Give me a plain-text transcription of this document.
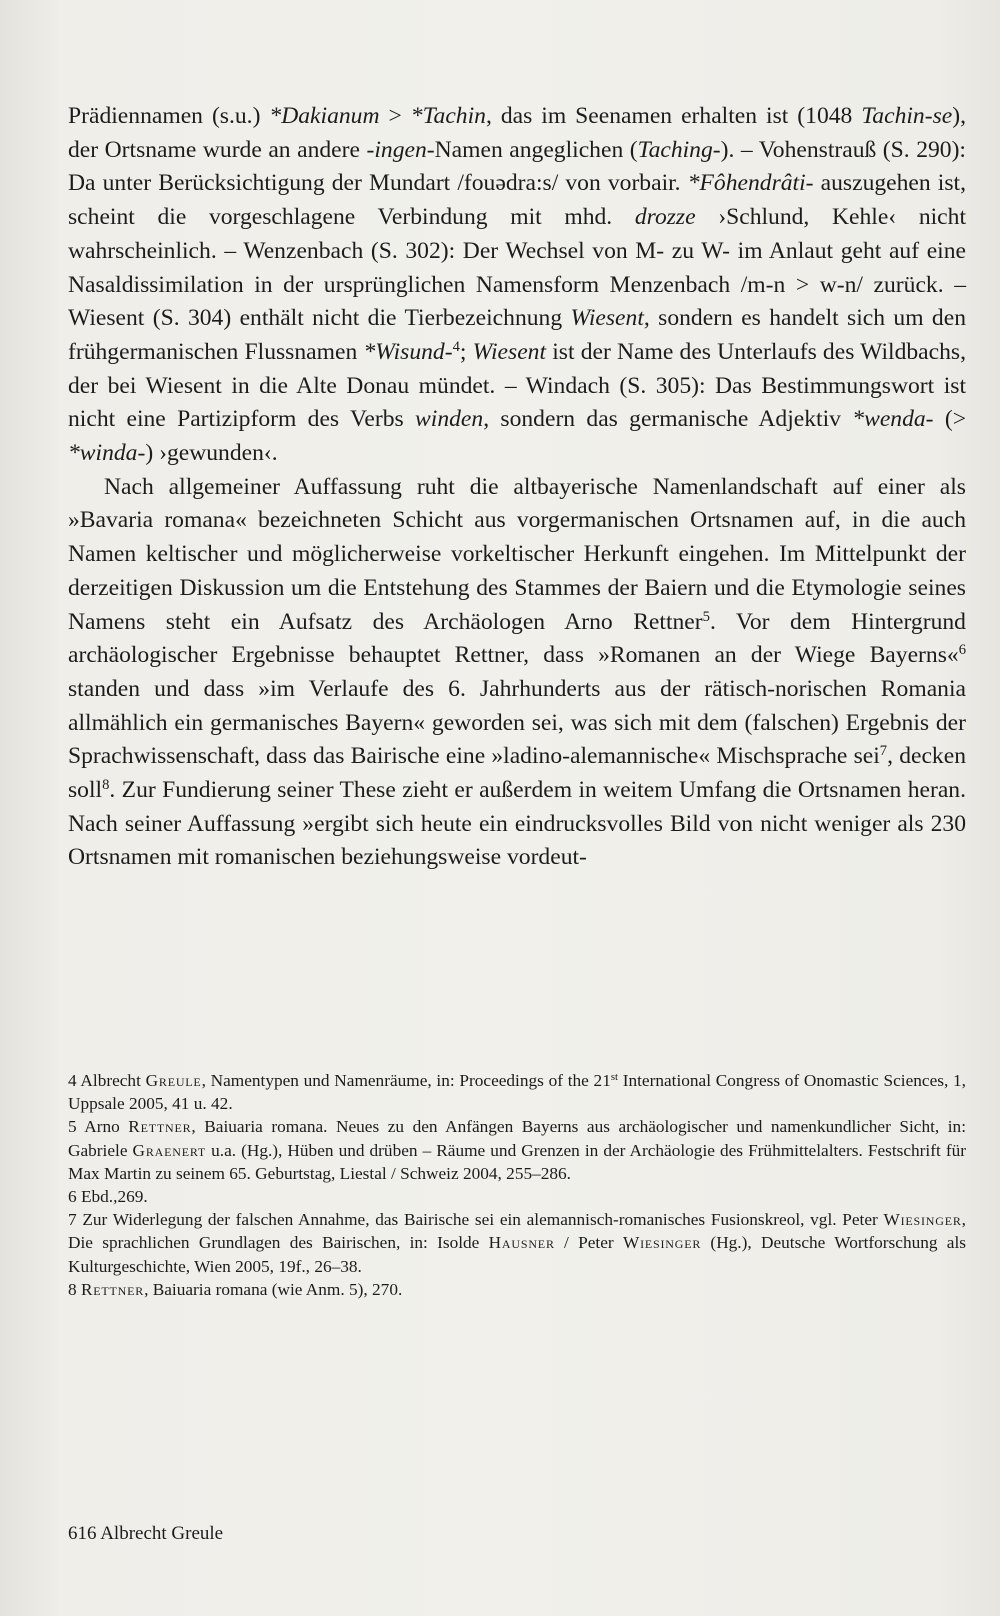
Prädiennamen (s.u.) *Dakianum > *Tachin, das im Seenamen erhalten ist (1048 Tachin-se), der Ortsname wurde an andere -ingen-Namen angeglichen (Taching-). – Vohenstrauß (S. 290): Da unter Berücksichtigung der Mundart /fouədra:s/ von vorbair. *Fôhendrâti- auszugehen ist, scheint die vorgeschlagene Verbindung mit mhd. drozze ›Schlund, Kehle‹ nicht wahrscheinlich. – Wenzenbach (S. 302): Der Wechsel von M- zu W- im Anlaut geht auf eine Nasaldissimilation in der ursprünglichen Namensform Menzenbach /m-n > w-n/ zurück. – Wiesent (S. 304) enthält nicht die Tierbezeichnung Wiesent, sondern es handelt sich um den frühgermanischen Flussnamen *Wisund-$^4$; Wiesent ist der Name des Unterlaufs des Wildbachs, der bei Wiesent in die Alte Donau mündet. – Windach (S. 305): Das Bestimmungswort ist nicht eine Partizipform des Verbs winden, sondern das germanische Adjektiv *wenda- (> *winda-) ›gewunden‹.

Nach allgemeiner Auffassung ruht die altbayerische Namenlandschaft auf einer als »Bavaria romana« bezeichneten Schicht aus vorgermanischen Ortsnamen auf, in die auch Namen keltischer und möglicherweise vorkeltischer Herkunft eingehen. Im Mittelpunkt der derzeitigen Diskussion um die Entstehung des Stammes der Baiern und die Etymologie seines Namens steht ein Aufsatz des Archäologen Arno Rettner$^5$. Vor dem Hintergrund archäologischer Ergebnisse behauptet Rettner, dass »Romanen an der Wiege Bayerns«$^6$ standen und dass »im Verlaufe des 6. Jahrhunderts aus der rätisch-norischen Romania allmählich ein germanisches Bayern« geworden sei, was sich mit dem (falschen) Ergebnis der Sprachwissenschaft, dass das Bairische eine »ladino-alemannische« Mischsprache sei$^7$, decken soll$^8$. Zur Fundierung seiner These zieht er außerdem in weitem Umfang die Ortsnamen heran. Nach seiner Auffassung »ergibt sich heute ein eindrucksvolles Bild von nicht weniger als 230 Ortsnamen mit romanischen beziehungsweise vordeut-

4 Albrecht Greule, Namentypen und Namenräume, in: Proceedings of the 21st International Congress of Onomastic Sciences, 1, Uppsale 2005, 41 u. 42.

5 Arno Rettner, Baiuaria romana. Neues zu den Anfängen Bayerns aus archäologischer und namenkundlicher Sicht, in: Gabriele Graenert u.a. (Hg.), Hüben und drüben – Räume und Grenzen in der Archäologie des Frühmittelalters. Festschrift für Max Martin zu seinem 65. Geburtstag, Liestal / Schweiz 2004, 255–286.

6 Ebd.,269.

7 Zur Widerlegung der falschen Annahme, das Bairische sei ein alemannisch-romanisches Fusionskreol, vgl. Peter Wiesinger, Die sprachlichen Grundlagen des Bairischen, in: Isolde Hausner / Peter Wiesinger (Hg.), Deutsche Wortforschung als Kulturgeschichte, Wien 2005, 19f., 26–38.

8 Rettner, Baiuaria romana (wie Anm. 5), 270.

616 Albrecht Greule
